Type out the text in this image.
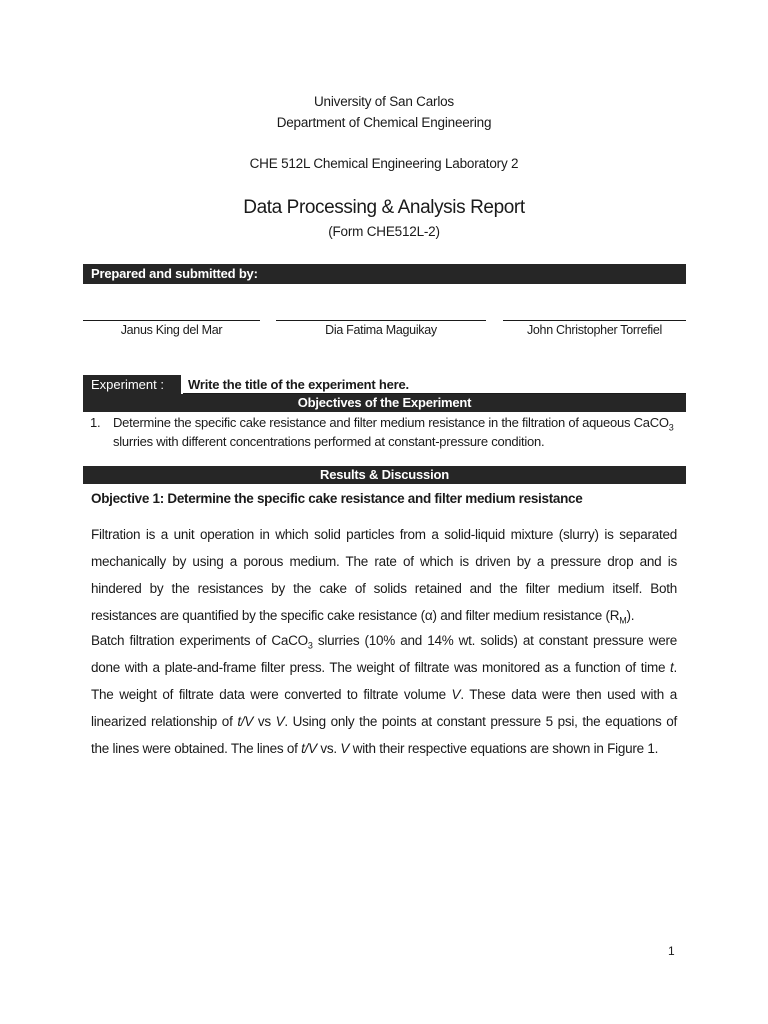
University of San Carlos
Department of Chemical Engineering
CHE 512L Chemical Engineering Laboratory 2
Data Processing & Analysis Report
(Form CHE512L-2)
Prepared and submitted by:
Janus King del Mar	Dia Fatima Maguikay	John Christopher Torrefiel
Experiment :	Write the title of the experiment here.
Objectives of the Experiment
1. Determine the specific cake resistance and filter medium resistance in the filtration of aqueous CaCO$_3$ slurries with different concentrations performed at constant-pressure condition.
Results & Discussion
Objective 1: Determine the specific cake resistance and filter medium resistance
Filtration is a unit operation in which solid particles from a solid-liquid mixture (slurry) is separated mechanically by using a porous medium. The rate of which is driven by a pressure drop and is hindered by the resistances by the cake of solids retained and the filter medium itself. Both resistances are quantified by the specific cake resistance (α) and filter medium resistance $(R_M)$.
Batch filtration experiments of CaCO$_3$ slurries (10% and 14% wt. solids) at constant pressure were done with a plate-and-frame filter press. The weight of filtrate was monitored as a function of time t. The weight of filtrate data were converted to filtrate volume V. These data were then used with a linearized relationship of t/V vs V. Using only the points at constant pressure 5 psi, the equations of the lines were obtained. The lines of t/V vs. V with their respective equations are shown in Figure 1.
1
